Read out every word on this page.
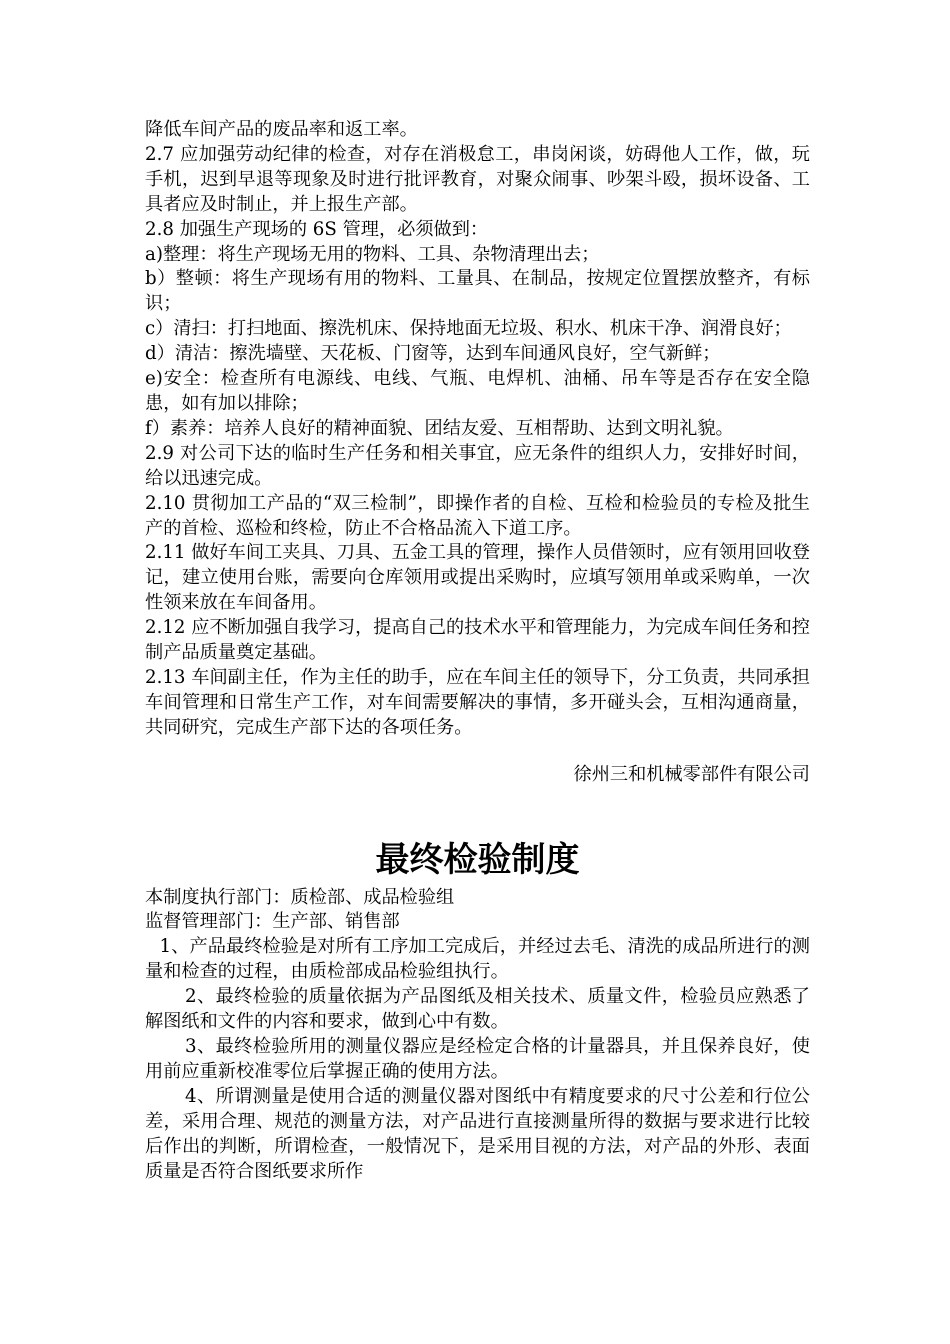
降低车间产品的废品率和返工率。

2.7 应加强劳动纪律的检查，对存在消极怠工，串岗闲谈，妨碍他人工作，做，玩手机，迟到早退等现象及时进行批评教育，对聚众闹事、吵架斗殴，损坏设备、工具者应及时制止，并上报生产部。

2.8 加强生产现场的 6S 管理，必须做到：

a)整理：将生产现场无用的物料、工具、杂物清理出去；

b）整顿：将生产现场有用的物料、工量具、在制品，按规定位置摆放整齐，有标识；

c）清扫：打扫地面、擦洗机床、保持地面无垃圾、积水、机床干净、润滑良好；

d）清洁：擦洗墙壁、天花板、门窗等，达到车间通风良好，空气新鲜；

e)安全：检查所有电源线、电线、气瓶、电焊机、油桶、吊车等是否存在安全隐患，如有加以排除；

f）素养：培养人良好的精神面貌、团结友爱、互相帮助、达到文明礼貌。

2.9 对公司下达的临时生产任务和相关事宜，应无条件的组织人力，安排好时间，给以迅速完成。

2.10 贯彻加工产品的“双三检制”，即操作者的自检、互检和检验员的专检及批生产的首检、巡检和终检，防止不合格品流入下道工序。

2.11 做好车间工夹具、刀具、五金工具的管理，操作人员借领时，应有领用回收登记，建立使用台账，需要向仓库领用或提出采购时，应填写领用单或采购单，一次性领来放在车间备用。

2.12 应不断加强自我学习，提高自己的技术水平和管理能力，为完成车间任务和控制产品质量奠定基础。

2.13 车间副主任，作为主任的助手，应在车间主任的领导下，分工负责，共同承担车间管理和日常生产工作，对车间需要解决的事情，多开碰头会，互相沟通商量，共同研究，完成生产部下达的各项任务。

徐州三和机械零部件有限公司

最终检验制度

本制度执行部门：质检部、成品检验组

监督管理部门：生产部、销售部

1、产品最终检验是对所有工序加工完成后，并经过去毛、清洗的成品所进行的测量和检查的过程，由质检部成品检验组执行。

2、最终检验的质量依据为产品图纸及相关技术、质量文件，检验员应熟悉了解图纸和文件的内容和要求，做到心中有数。

3、最终检验所用的测量仪器应是经检定合格的计量器具，并且保养良好，使用前应重新校准零位后掌握正确的使用方法。

4、所谓测量是使用合适的测量仪器对图纸中有精度要求的尺寸公差和行位公差，采用合理、规范的测量方法，对产品进行直接测量所得的数据与要求进行比较后作出的判断，所谓检查，一般情况下，是采用目视的方法，对产品的外形、表面质量是否符合图纸要求所作
